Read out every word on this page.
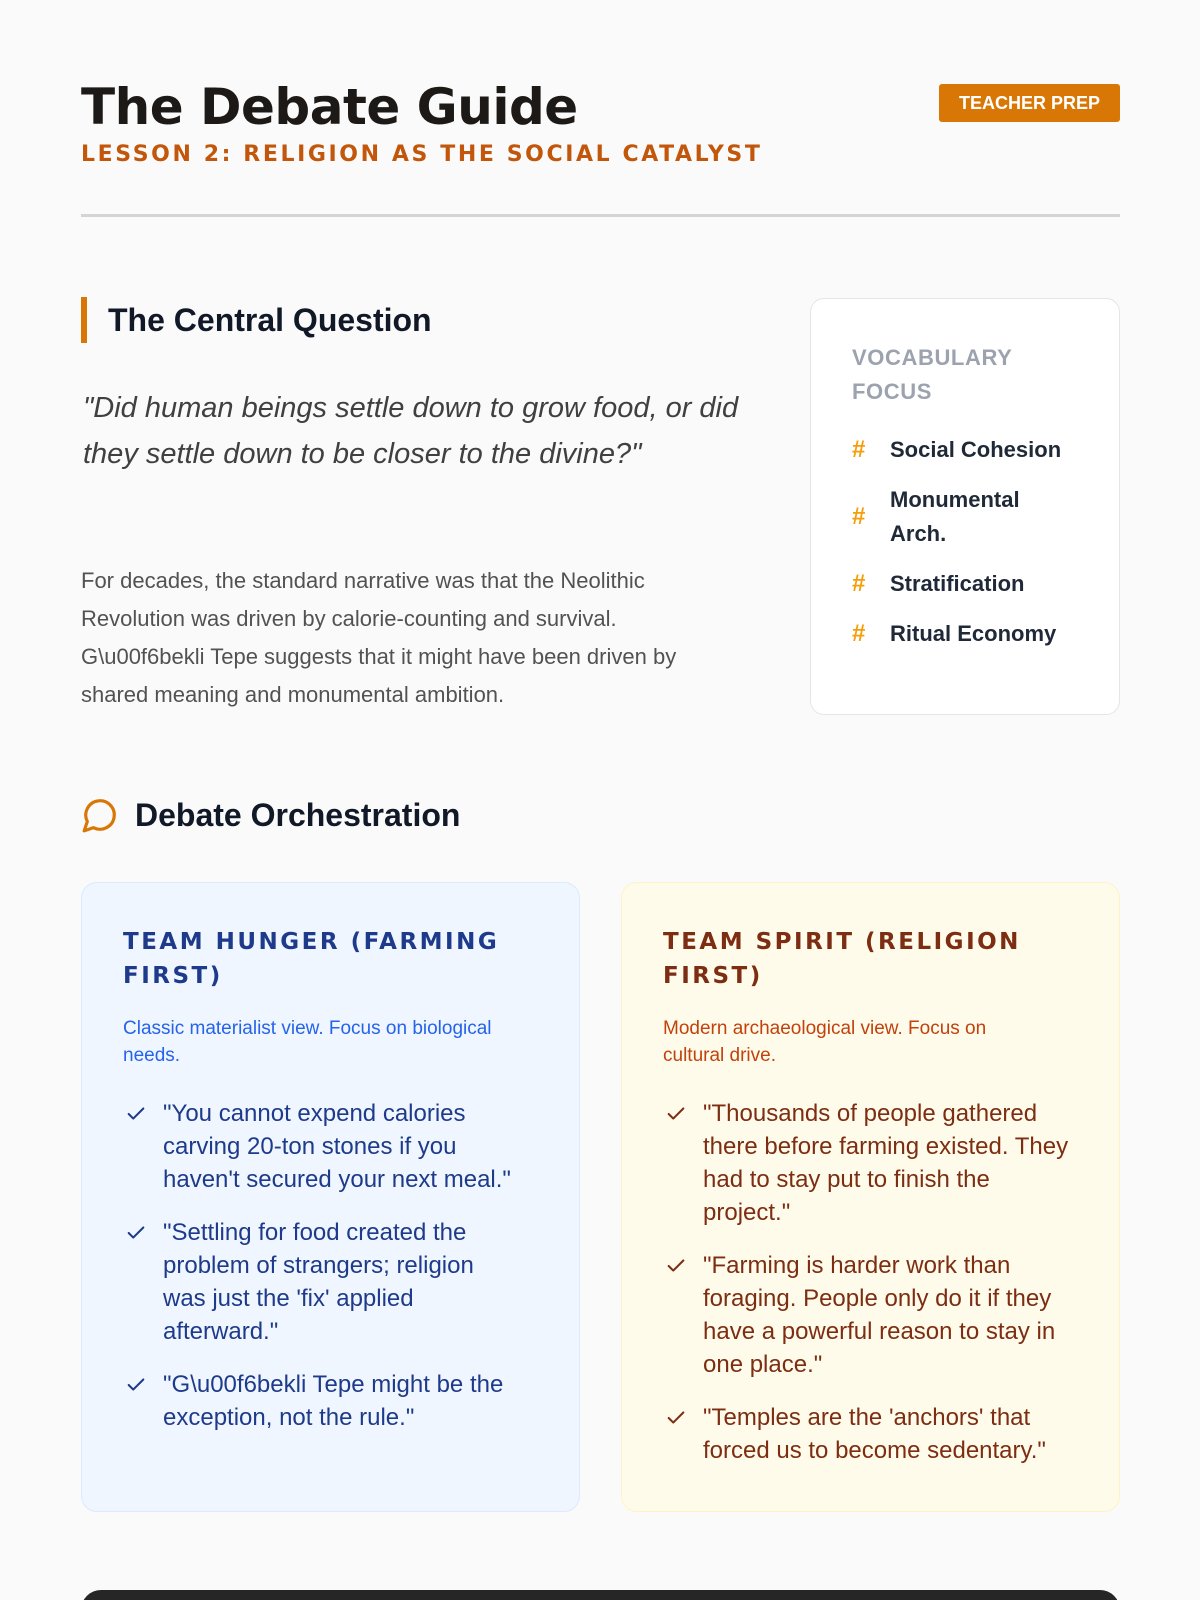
The Debate Guide
LESSON 2: RELIGION AS THE SOCIAL CATALYST
TEACHER PREP
The Central Question

"Did human beings settle down to grow food, or did they settle down to be closer to the divine?"

For decades, the standard narrative was that the Neolithic Revolution was driven by calorie-counting and survival. G\u00f6bekli Tepe suggests that it might have been driven by shared meaning and monumental ambition.

VOCABULARY FOCUS
#	Social Cohesion
#
Monumental Arch.
#	Stratification
#	Ritual Economy
Debate Orchestration
TEAM HUNGER (FARMING FIRST)
Classic materialist view. Focus on biological needs.
"You cannot expend calories carving 20-ton stones if you haven't secured your next meal."
"Settling for food created the problem of strangers; religion was just the 'fix' applied afterward."
"G\u00f6bekli Tepe might be the exception, not the rule."
TEAM SPIRIT (RELIGION FIRST)
Modern archaeological view. Focus on cultural drive.
"Thousands of people gathered there before farming existed. They had to stay put to finish the project."
"Farming is harder work than foraging. People only do it if they have a powerful reason to stay in one place."
"Temples are the 'anchors' that forced us to become sedentary."
